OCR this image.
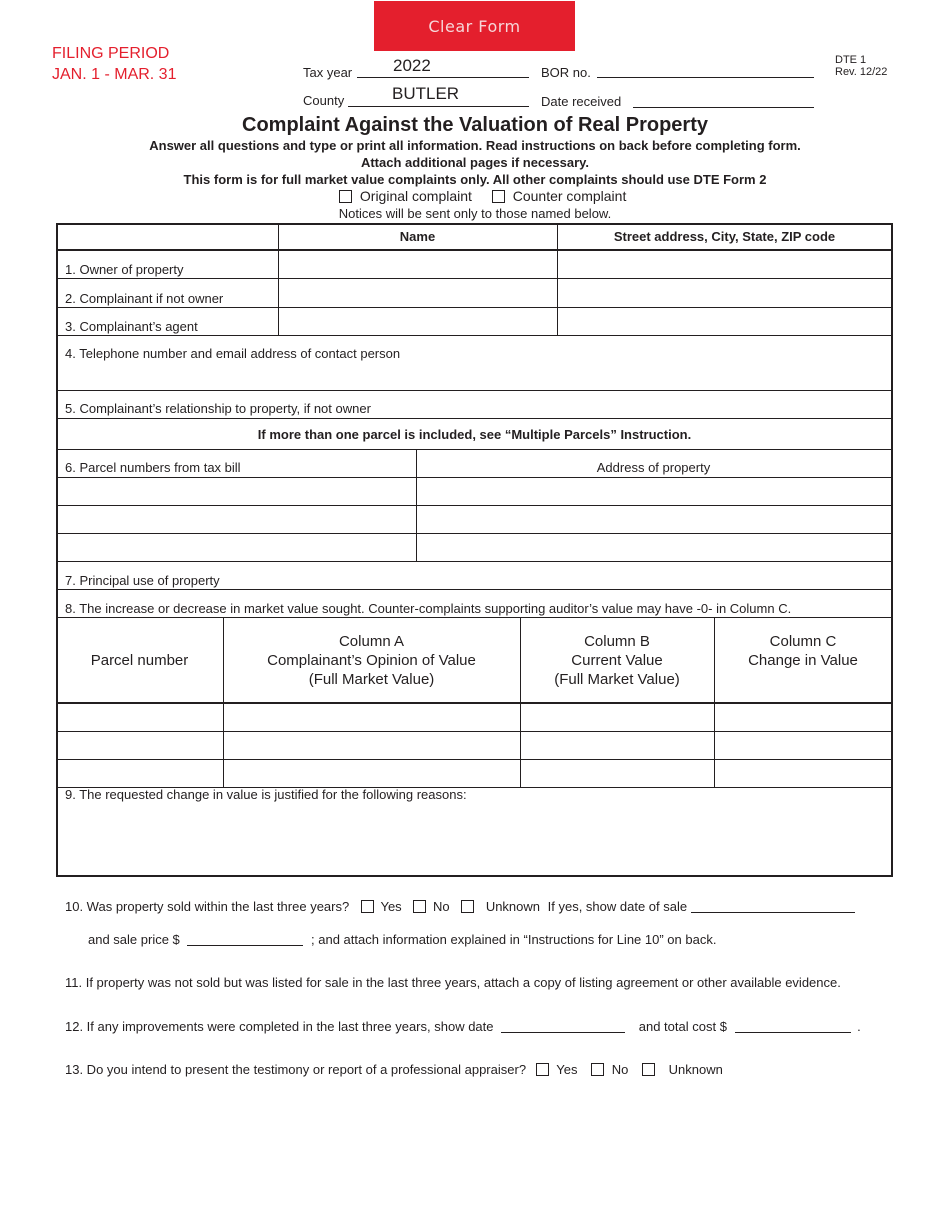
Clear Form
FILING PERIOD
JAN. 1 - MAR. 31
DTE 1
Rev. 12/22
Tax year 2022
County	BUTLER
BOR no.
Date received
Complaint Against the Valuation of Real Property
Answer all questions and type or print all information. Read instructions on back before completing form.
Attach additional pages if necessary.
This form is for full market value complaints only. All other complaints should use DTE Form 2
Original complaint	Counter complaint
Notices will be sent only to those named below.
Name	Street address, City, State, ZIP code
1. Owner of property
2. Complainant if not owner
3. Complainant’s agent
4. Telephone number and email address of contact person
5. Complainant’s relationship to property, if not owner
If more than one parcel is included, see “Multiple Parcels” Instruction.
6. Parcel numbers from tax bill	Address of property
7. Principal use of property
8. The increase or decrease in market value sought. Counter-complaints supporting auditor’s value may have -0- in Column C.
Parcel number
Column A
Complainant’s Opinion of Value
(Full Market Value)
Column B
Current Value
(Full Market Value)
Column C
Change in Value
9. The requested change in value is justified for the following reasons:
10. Was property sold within the last three years? Yes No	Unknown If yes, show date of sale
and sale price $	; and attach information explained in “Instructions for Line 10” on back.
11. If property was not sold but was listed for sale in the last three years, attach a copy of listing agreement or other available evidence.
12. If any improvements were completed in the last three years, show date	and total cost $	.
13. Do you intend to present the testimony or report of a professional appraiser? Yes	No	Unknown
